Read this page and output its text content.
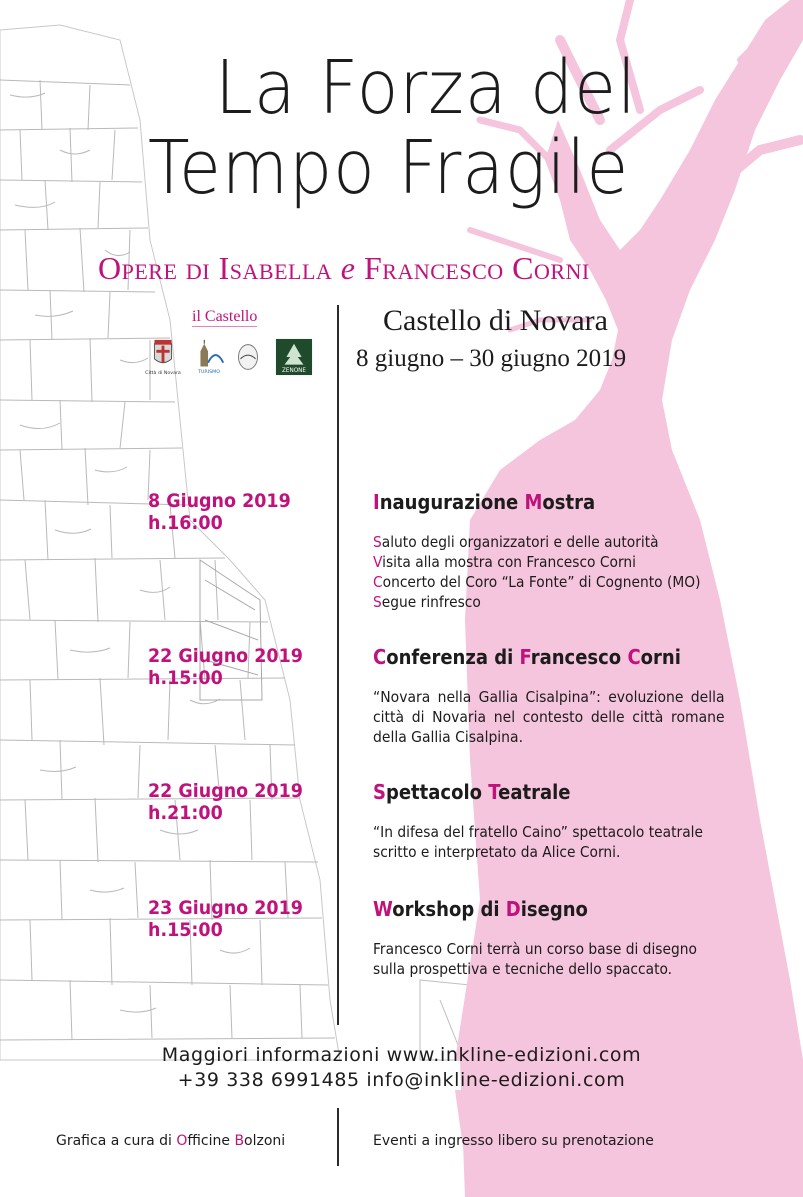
La Forza del
Tempo Fragile
Opere di Isabella e Francesco Corni
il Castello
Città di Novara	TURISMO	ZENONE
Castello di Novara
8 giugno – 30 giugno 2019
8 Giugno 2019
h.16:00
Inaugurazione Mostra
Saluto degli organizzatori e delle autorità
Visita alla mostra con Francesco Corni
Concerto del Coro “La Fonte” di Cognento (MO)
Segue rinfresco
22 Giugno 2019
h.15:00
Conferenza di Francesco Corni

“Novara nella Gallia Cisalpina”: evoluzione della città di Novaria nel contesto delle città romane della Gallia Cisalpina.

22 Giugno 2019
h.21:00
Spettacolo Teatrale
“In difesa del fratello Caino” spettacolo teatrale
scritto e interpretato da Alice Corni.
23 Giugno 2019
h.15:00
Workshop di Disegno
Francesco Corni terrà un corso base di disegno
sulla prospettiva e tecniche dello spaccato.
Maggiori informazioni www.inkline-edizioni.com
+39 338 6991485 info@inkline-edizioni.com
Grafica a cura di Officine Bolzoni	Eventi a ingresso libero su prenotazione
